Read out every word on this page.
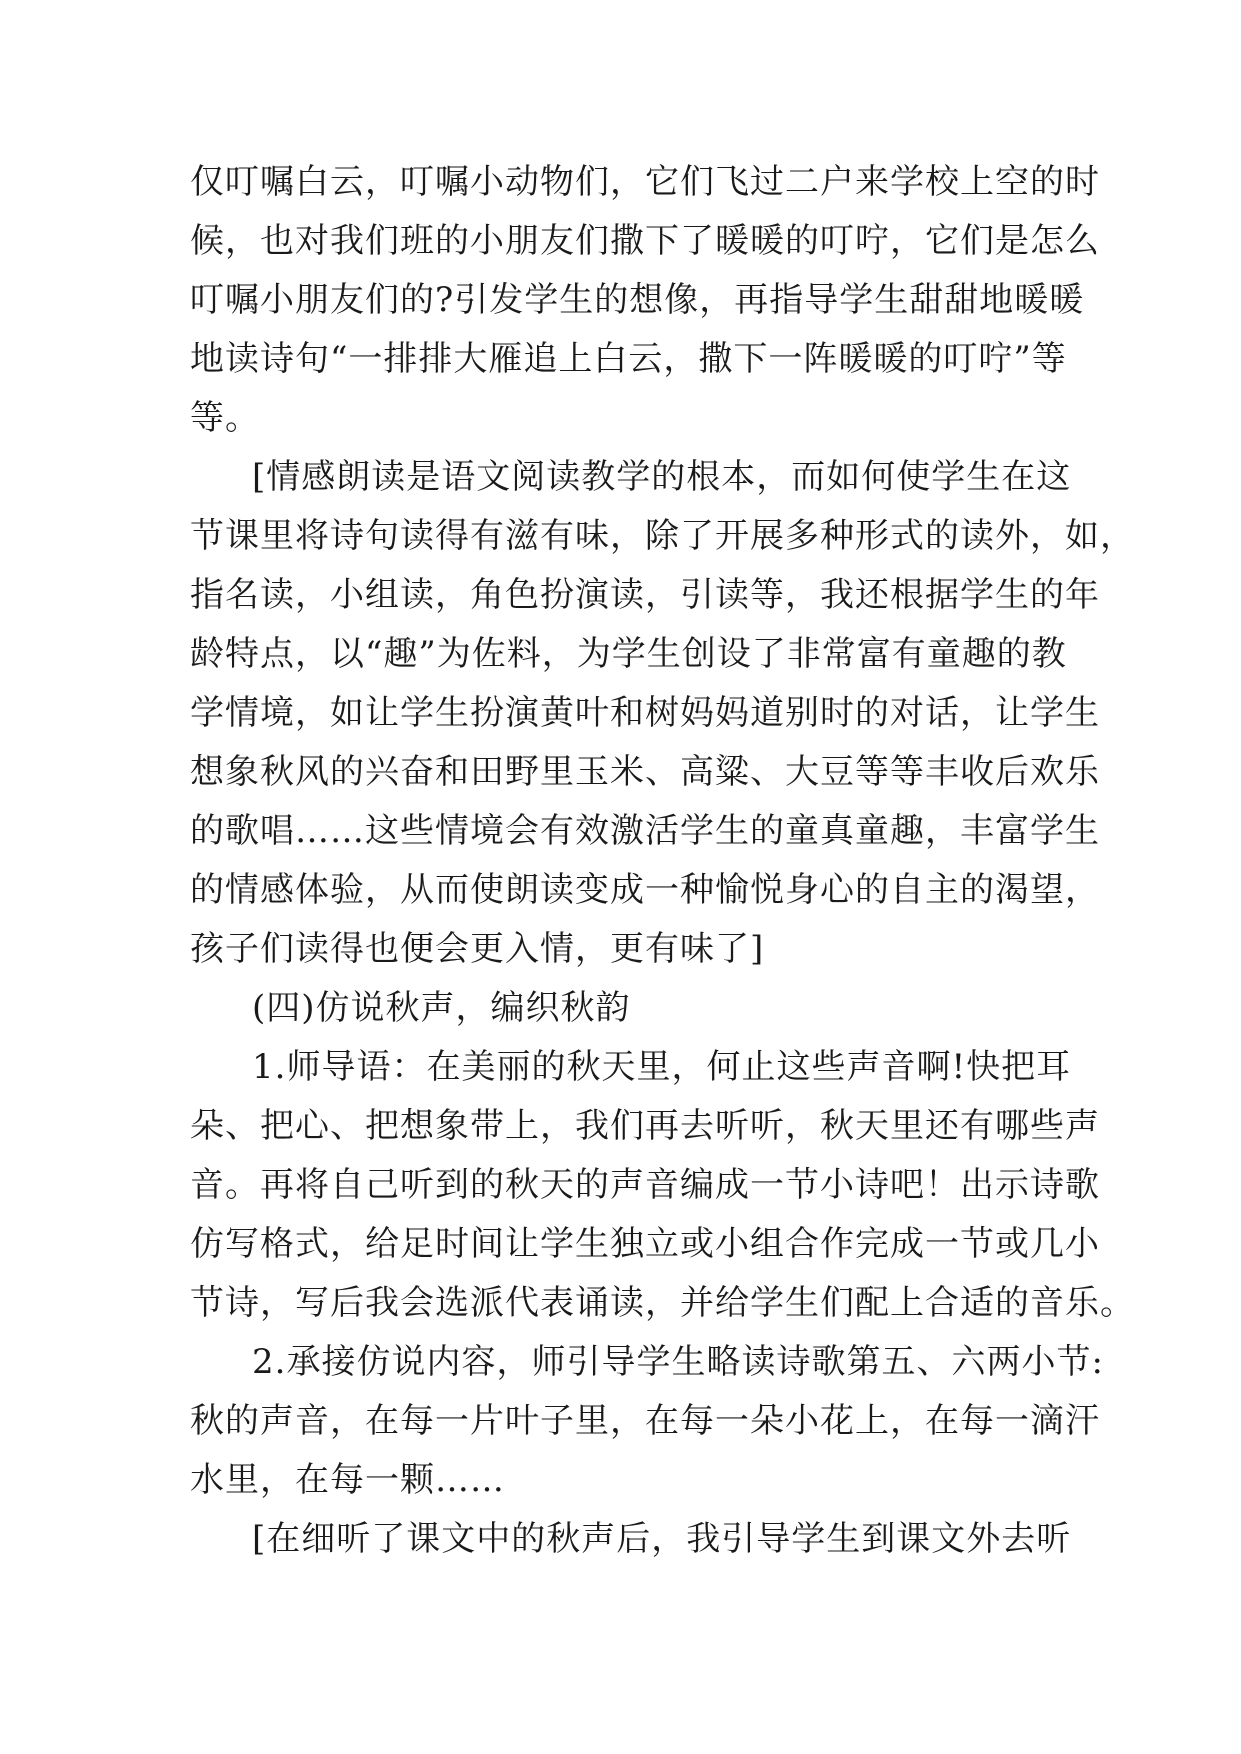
仅叮嘱白云，叮嘱小动物们，它们飞过二户来学校上空的时
候，也对我们班的小朋友们撒下了暖暖的叮咛，它们是怎么
叮嘱小朋友们的?引发学生的想像，再指导学生甜甜地暖暖
地读诗句“一排排大雁追上白云，撒下一阵暖暖的叮咛”等
等。
[情感朗读是语文阅读教学的根本，而如何使学生在这
节课里将诗句读得有滋有味，除了开展多种形式的读外，如，
指名读，小组读，角色扮演读，引读等，我还根据学生的年
龄特点，以“趣”为佐料，为学生创设了非常富有童趣的教
学情境，如让学生扮演黄叶和树妈妈道别时的对话，让学生
想象秋风的兴奋和田野里玉米、高粱、大豆等等丰收后欢乐
的歌唱……这些情境会有效激活学生的童真童趣，丰富学生
的情感体验，从而使朗读变成一种愉悦身心的自主的渴望，
孩子们读得也便会更入情，更有味了]
(四)仿说秋声，编织秋韵
1.师导语：在美丽的秋天里，何止这些声音啊!快把耳
朵、把心、把想象带上，我们再去听听，秋天里还有哪些声
音。再将自己听到的秋天的声音编成一节小诗吧！出示诗歌
仿写格式，给足时间让学生独立或小组合作完成一节或几小
节诗，写后我会选派代表诵读，并给学生们配上合适的音乐。
2.承接仿说内容，师引导学生略读诗歌第五、六两小节:
秋的声音，在每一片叶子里，在每一朵小花上，在每一滴汗
水里，在每一颗……
[在细听了课文中的秋声后，我引导学生到课文外去听
